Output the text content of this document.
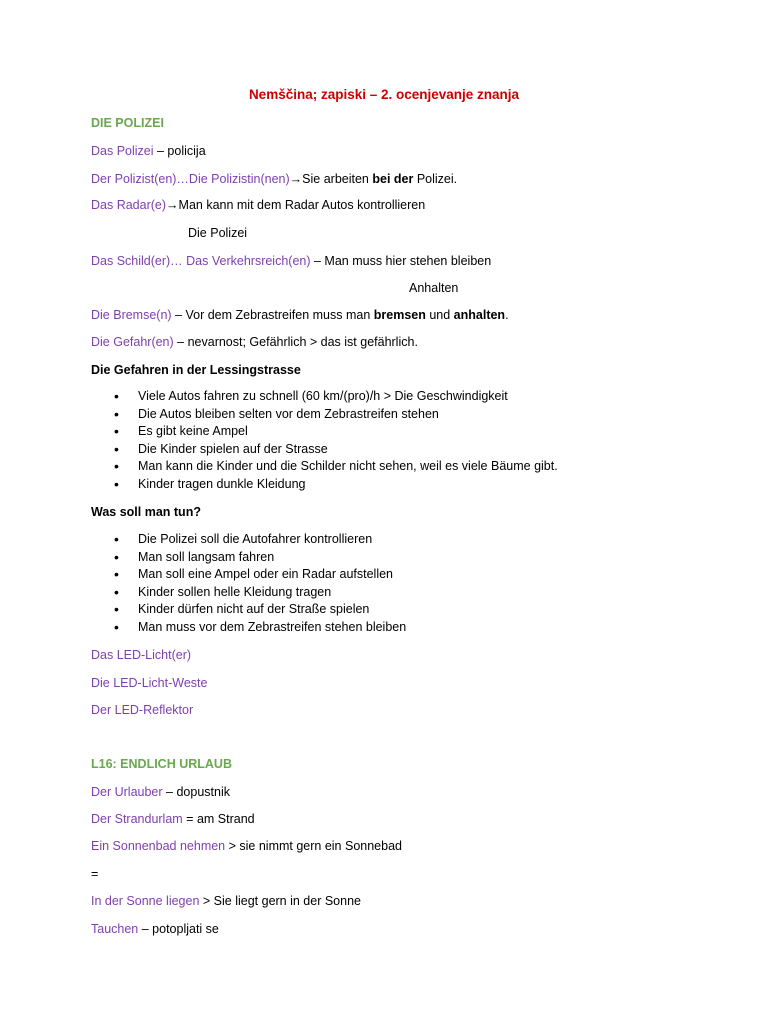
Nemščina; zapiski – 2. ocenjevanje znanja
DIE POLIZEI
Das Polizei – policija
Der Polizist(en)…Die Polizistin(nen)→Sie arbeiten bei der Polizei.
Das Radar(e)→Man kann mit dem Radar Autos kontrollieren
Die Polizei
Das Schild(er)… Das Verkehrsreich(en) – Man muss hier stehen bleiben
Anhalten
Die Bremse(n) – Vor dem Zebrastreifen muss man bremsen und anhalten.
Die Gefahr(en) – nevarnost; Gefährlich > das ist gefährlich.
Die Gefahren in der Lessingstrasse
• Viele Autos fahren zu schnell (60 km/(pro)/h > Die Geschwindigkeit
• Die Autos bleiben selten vor dem Zebrastreifen stehen
• Es gibt keine Ampel
• Die Kinder spielen auf der Strasse
• Man kann die Kinder und die Schilder nicht sehen, weil es viele Bäume gibt.
• Kinder tragen dunkle Kleidung
Was soll man tun?
• Die Polizei soll die Autofahrer kontrollieren
• Man soll langsam fahren
• Man soll eine Ampel oder ein Radar aufstellen
• Kinder sollen helle Kleidung tragen
• Kinder dürfen nicht auf der Straße spielen
• Man muss vor dem Zebrastreifen stehen bleiben
Das LED-Licht(er)
Die LED-Licht-Weste
Der LED-Reflektor
L16: ENDLICH URLAUB
Der Urlauber – dopustnik
Der Strandurlam = am Strand
Ein Sonnenbad nehmen > sie nimmt gern ein Sonnebad
=
In der Sonne liegen > Sie liegt gern in der Sonne
Tauchen – potopljati se
